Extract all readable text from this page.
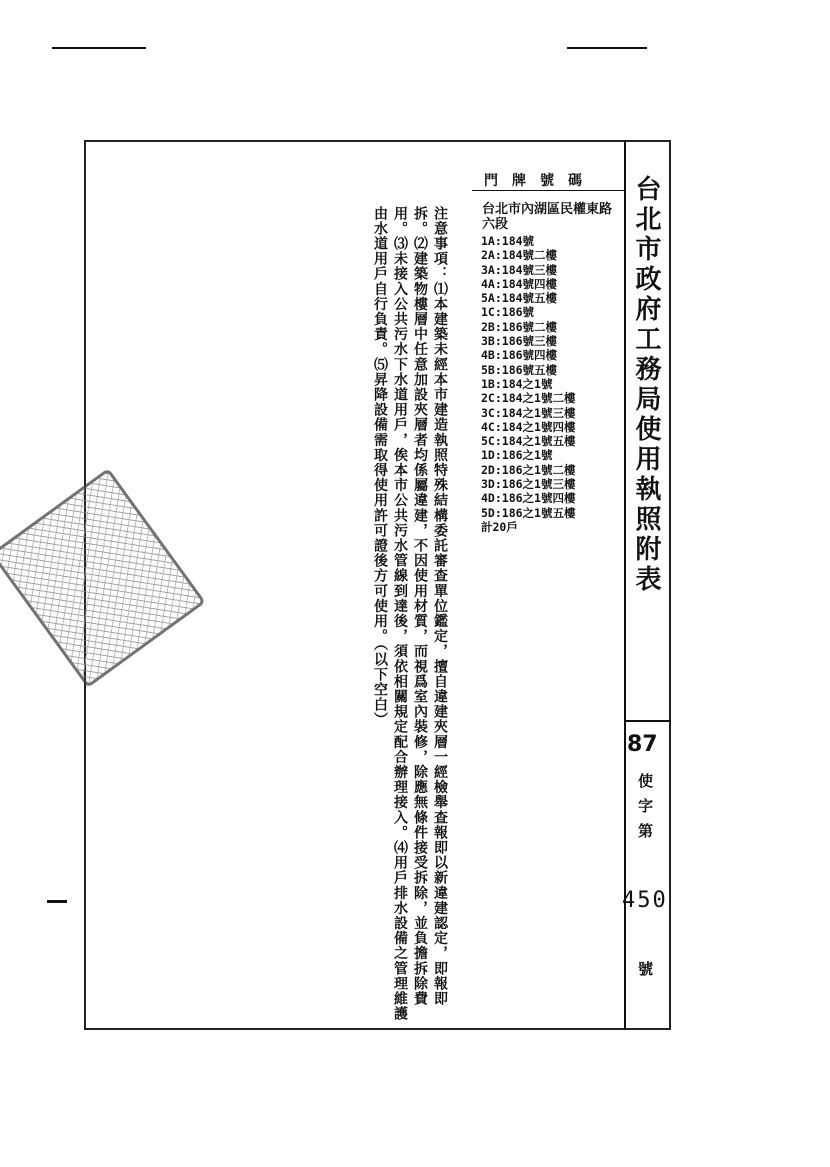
台北市政府工務局使用執照附表
門 牌 號 碼
台北市內湖區民權東路六段
1A:184號
2A:184號二樓
3A:184號三樓
4A:184號四樓
5A:184號五樓
1C:186號
2B:186號二樓
3B:186號三樓
4B:186號四樓
5B:186號五樓
1B:184之1號
2C:184之1號二樓
3C:184之1號三樓
4C:184之1號四樓
5C:184之1號五樓
1D:186之1號
2D:186之1號二樓
3D:186之1號三樓
4D:186之1號四樓
5D:186之1號五樓
計20戶
注意事項：⑴本建築未經本市建造執照特殊結構委託審查單位鑑定，擅自違建夾層一經檢舉查報即以新違建認定，即報即拆。⑵建築物樓層中任意加設夾層者均係屬違建，不因使用材質，而視爲室內裝修，除應無條件接受拆除，並負擔拆除費用。⑶未接入公共污水下水道用戶，俟本市公共污水管線到達後，須依相關規定配合辦理接入。⑷用戶排水設備之管理維護由水道用戶自行負責。⑸昇降設備需取得使用許可證後方可使用。（以下空白）
87
使
字
第
450
號
